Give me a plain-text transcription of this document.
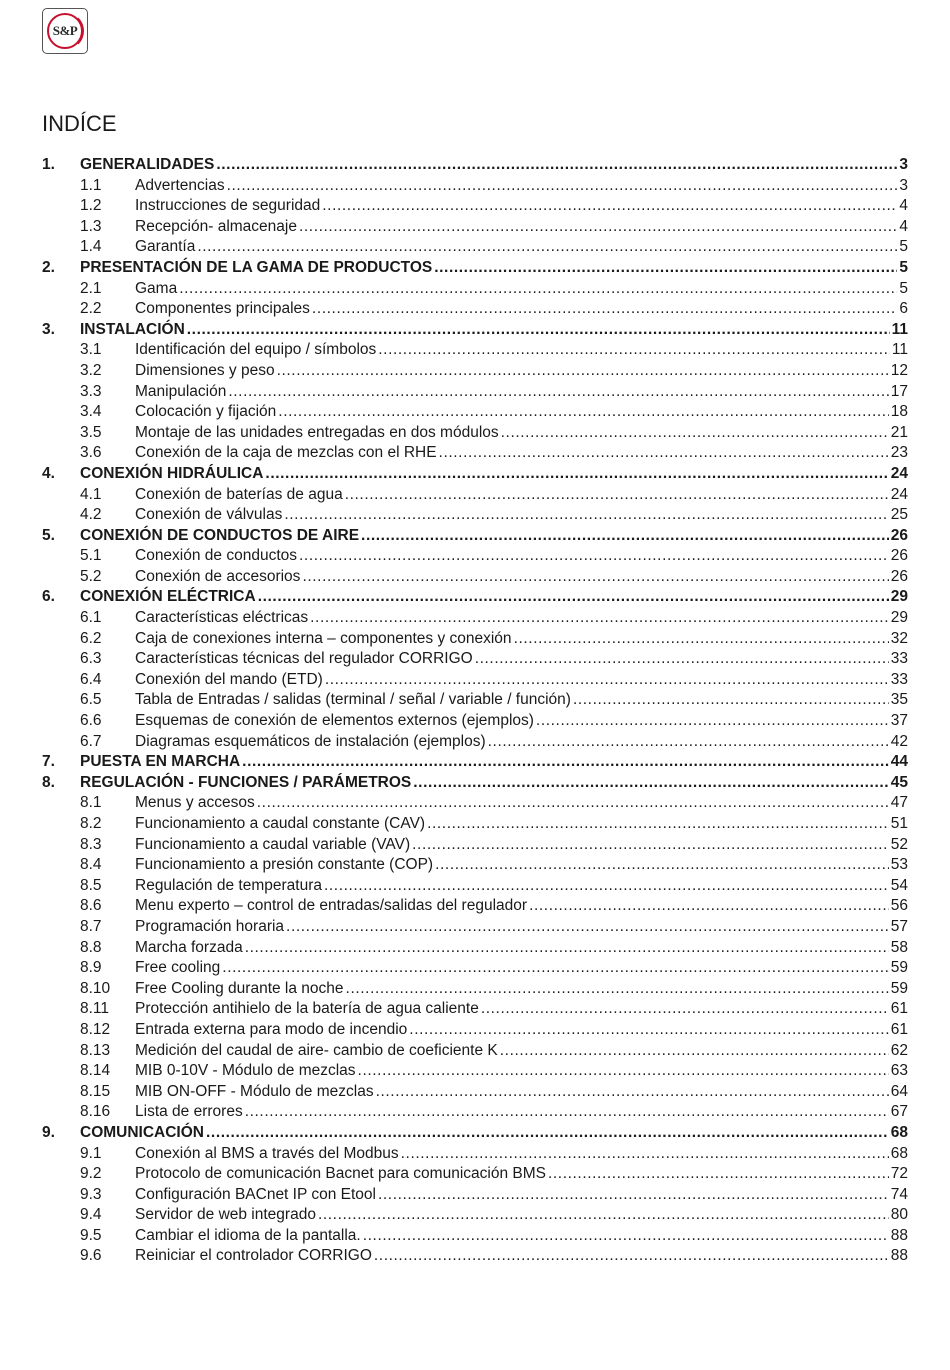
S&P
INDÍCE
1.	GENERALIDADES .....	3
1.1	Advertencias .....	3
1.2	Instrucciones de seguridad .....	4
1.3	Recepción- almacenaje .....	4
1.4	Garantía .....	5
2.	PRESENTACIÓN DE LA GAMA DE PRODUCTOS .....	5
2.1	Gama .....	5
2.2	Componentes principales .....	6
3.	INSTALACIÓN .....	11
3.1	Identificación del equipo / símbolos .....	11
3.2	Dimensiones y peso .....	12
3.3	Manipulación .....	17
3.4	Colocación y fijación .....	18
3.5	Montaje de las unidades entregadas en dos módulos .....	21
3.6	Conexión de la caja de mezclas con el RHE .....	23
4.	CONEXIÓN HIDRÁULICA .....	24
4.1	Conexión de baterías de agua .....	24
4.2	Conexión de válvulas .....	25
5.	CONEXIÓN DE CONDUCTOS DE AIRE .....	26
5.1	Conexión de conductos .....	26
5.2	Conexión de accesorios .....	26
6.	CONEXIÓN ELÉCTRICA .....	29
6.1	Características eléctricas .....	29
6.2	Caja de conexiones interna – componentes y conexión .....	32
6.3	Características técnicas del regulador CORRIGO .....	33
6.4	Conexión del mando (ETD) .....	33
6.5	Tabla de Entradas / salidas (terminal / señal / variable / función) .....	35
6.6	Esquemas de conexión de elementos externos (ejemplos) .....	37
6.7	Diagramas esquemáticos de instalación (ejemplos) .....	42
7.	PUESTA EN MARCHA .....	44
8.	REGULACIÓN - FUNCIONES / PARÁMETROS .....	45
8.1	Menus y accesos .....	47
8.2	Funcionamiento a caudal constante (CAV) .....	51
8.3	Funcionamiento a caudal variable (VAV) .....	52
8.4	Funcionamiento a presión constante (COP) .....	53
8.5	Regulación de temperatura .....	54
8.6	Menu experto – control de entradas/salidas del regulador .....	56
8.7	Programación horaria .....	57
8.8	Marcha forzada .....	58
8.9	Free cooling .....	59
8.10	Free Cooling durante la noche .....	59
8.11	Protección antihielo de la batería de agua caliente .....	61
8.12	Entrada externa para modo de incendio .....	61
8.13	Medición del caudal de aire- cambio de coeficiente K .....	62
8.14	MIB 0-10V - Módulo de mezclas .....	63
8.15	MIB ON-OFF - Módulo de mezclas .....	64
8.16	Lista de errores .....	67
9.	COMUNICACIÓN .....	68
9.1	Conexión al BMS a través del Modbus .....	68
9.2	Protocolo de comunicación Bacnet para comunicación BMS .....	72
9.3	Configuración BACnet IP con Etool .....	74
9.4	Servidor de web integrado .....	80
9.5	Cambiar el idioma de la pantalla. .....	88
9.6	Reiniciar el controlador CORRIGO .....	88
